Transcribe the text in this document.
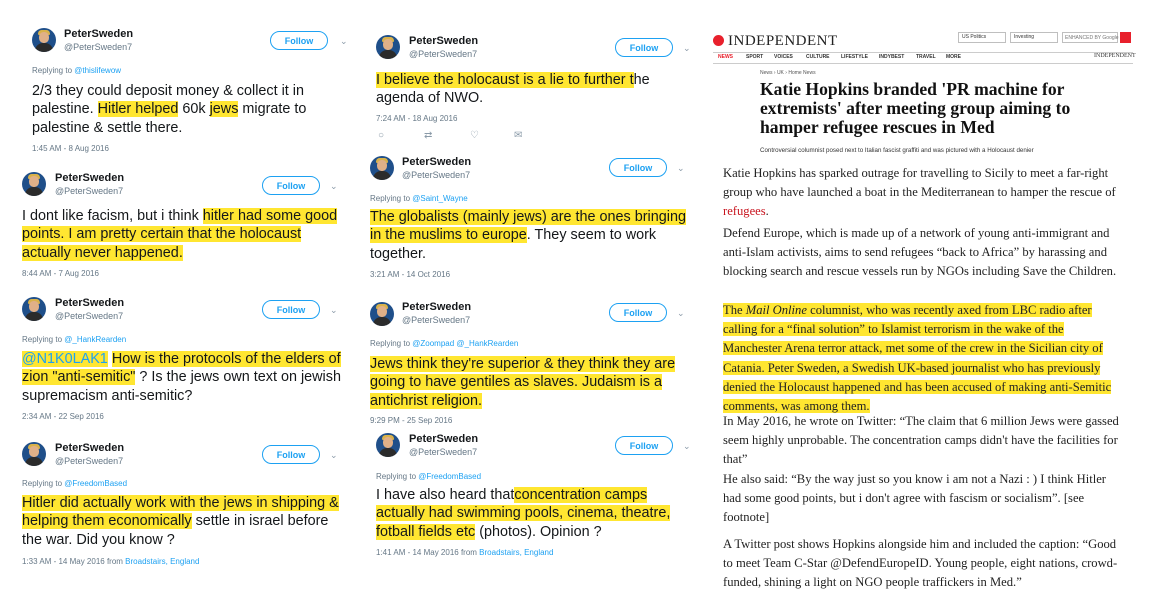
PeterSweden
@PeterSweden7
Follow	⌄
Replying to @thislifewow
2/3 they could deposit money & collect it in palestine. Hitler helped 60k jews migrate to palestine & settle there.
1:45 AM - 8 Aug 2016
PeterSweden
@PeterSweden7	Follow	⌄
I dont like facism, but i think hitler had some good points. I am pretty certain that the holocaust actually never happened.
8:44 AM - 7 Aug 2016
PeterSweden
@PeterSweden7
Follow	⌄
Replying to @_HankRearden
@N1K0LAK1 How is the protocols of the elders of zion "anti-semitic" ? Is the jews own text on jewish supremacism anti-semitic?
2:34 AM - 22 Sep 2016
PeterSweden
@PeterSweden7
Follow	⌄
Replying to @FreedomBased
Hitler did actually work with the jews in shipping & helping them economically settle in israel before the war. Did you know ?
1:33 AM - 14 May 2016 from Broadstairs, England
PeterSweden
@PeterSweden7
Follow	⌄
I believe the holocaust is a lie to further the agenda of NWO.
7:24 AM - 18 Aug 2016
○	⇄	♡	✉
PeterSweden
@PeterSweden7
Follow	⌄
Replying to @Saint_Wayne
The globalists (mainly jews) are the ones bringing in the muslims to europe. They seem to work together.
3:21 AM - 14 Oct 2016
PeterSweden
@PeterSweden7
Follow	⌄
Replying to @Zoompad @_HankRearden
Jews think they're superior & they think they are going to have gentiles as slaves. Judaism is a antichrist religion.
9:29 PM - 25 Sep 2016
PeterSweden
@PeterSweden7
Follow	⌄
Replying to @FreedomBased
I have also heard thatconcentration camps actually had swimming pools, cinema, theatre, fotball fields etc (photos). Opinion ?
1:41 AM - 14 May 2016 from Broadstairs, England
INDEPENDENT	US Politics	Investing	ENHANCED BY Google
NEWS	SPORT VOICES	CULTURE LIFESTYLE INDYBEST TRAVEL MORE	INDEPENDENT
News › UK › Home News
Katie Hopkins branded 'PR machine for extremists' after meeting group aiming to hamper refugee rescues in Med
Controversial columnist posed next to Italian fascist graffiti and was pictured with a Holocaust denier
Katie Hopkins has sparked outrage for travelling to Sicily to meet a far-right group who have launched a boat in the Mediterranean to hamper the rescue of refugees.
Defend Europe, which is made up of a network of young anti-immigrant and anti-Islam activists, aims to send refugees “back to Africa” by harassing and blocking search and rescue vessels run by NGOs including Save the Children.
The Mail Online columnist, who was recently axed from LBC radio after calling for a “final solution” to Islamist terrorism in the wake of the Manchester Arena terror attack, met some of the crew in the Sicilian city of Catania. Peter Sweden, a Swedish UK-based journalist who has previously denied the Holocaust happened and has been accused of making anti-Semitic comments, was among them.
In May 2016, he wrote on Twitter: “The claim that 6 million Jews were gassed seem highly unprobable. The concentration camps didn't have the facilities for that”
He also said: “By the way just so you know i am not a Nazi : ) I think Hitler had some good points, but i don't agree with fascism or socialism”. [see footnote]
A Twitter post shows Hopkins alongside him and included the caption: “Good to meet Team C-Star @DefendEuropeID. Young people, eight nations, crowd-funded, shining a light on NGO people traffickers in Med.”
